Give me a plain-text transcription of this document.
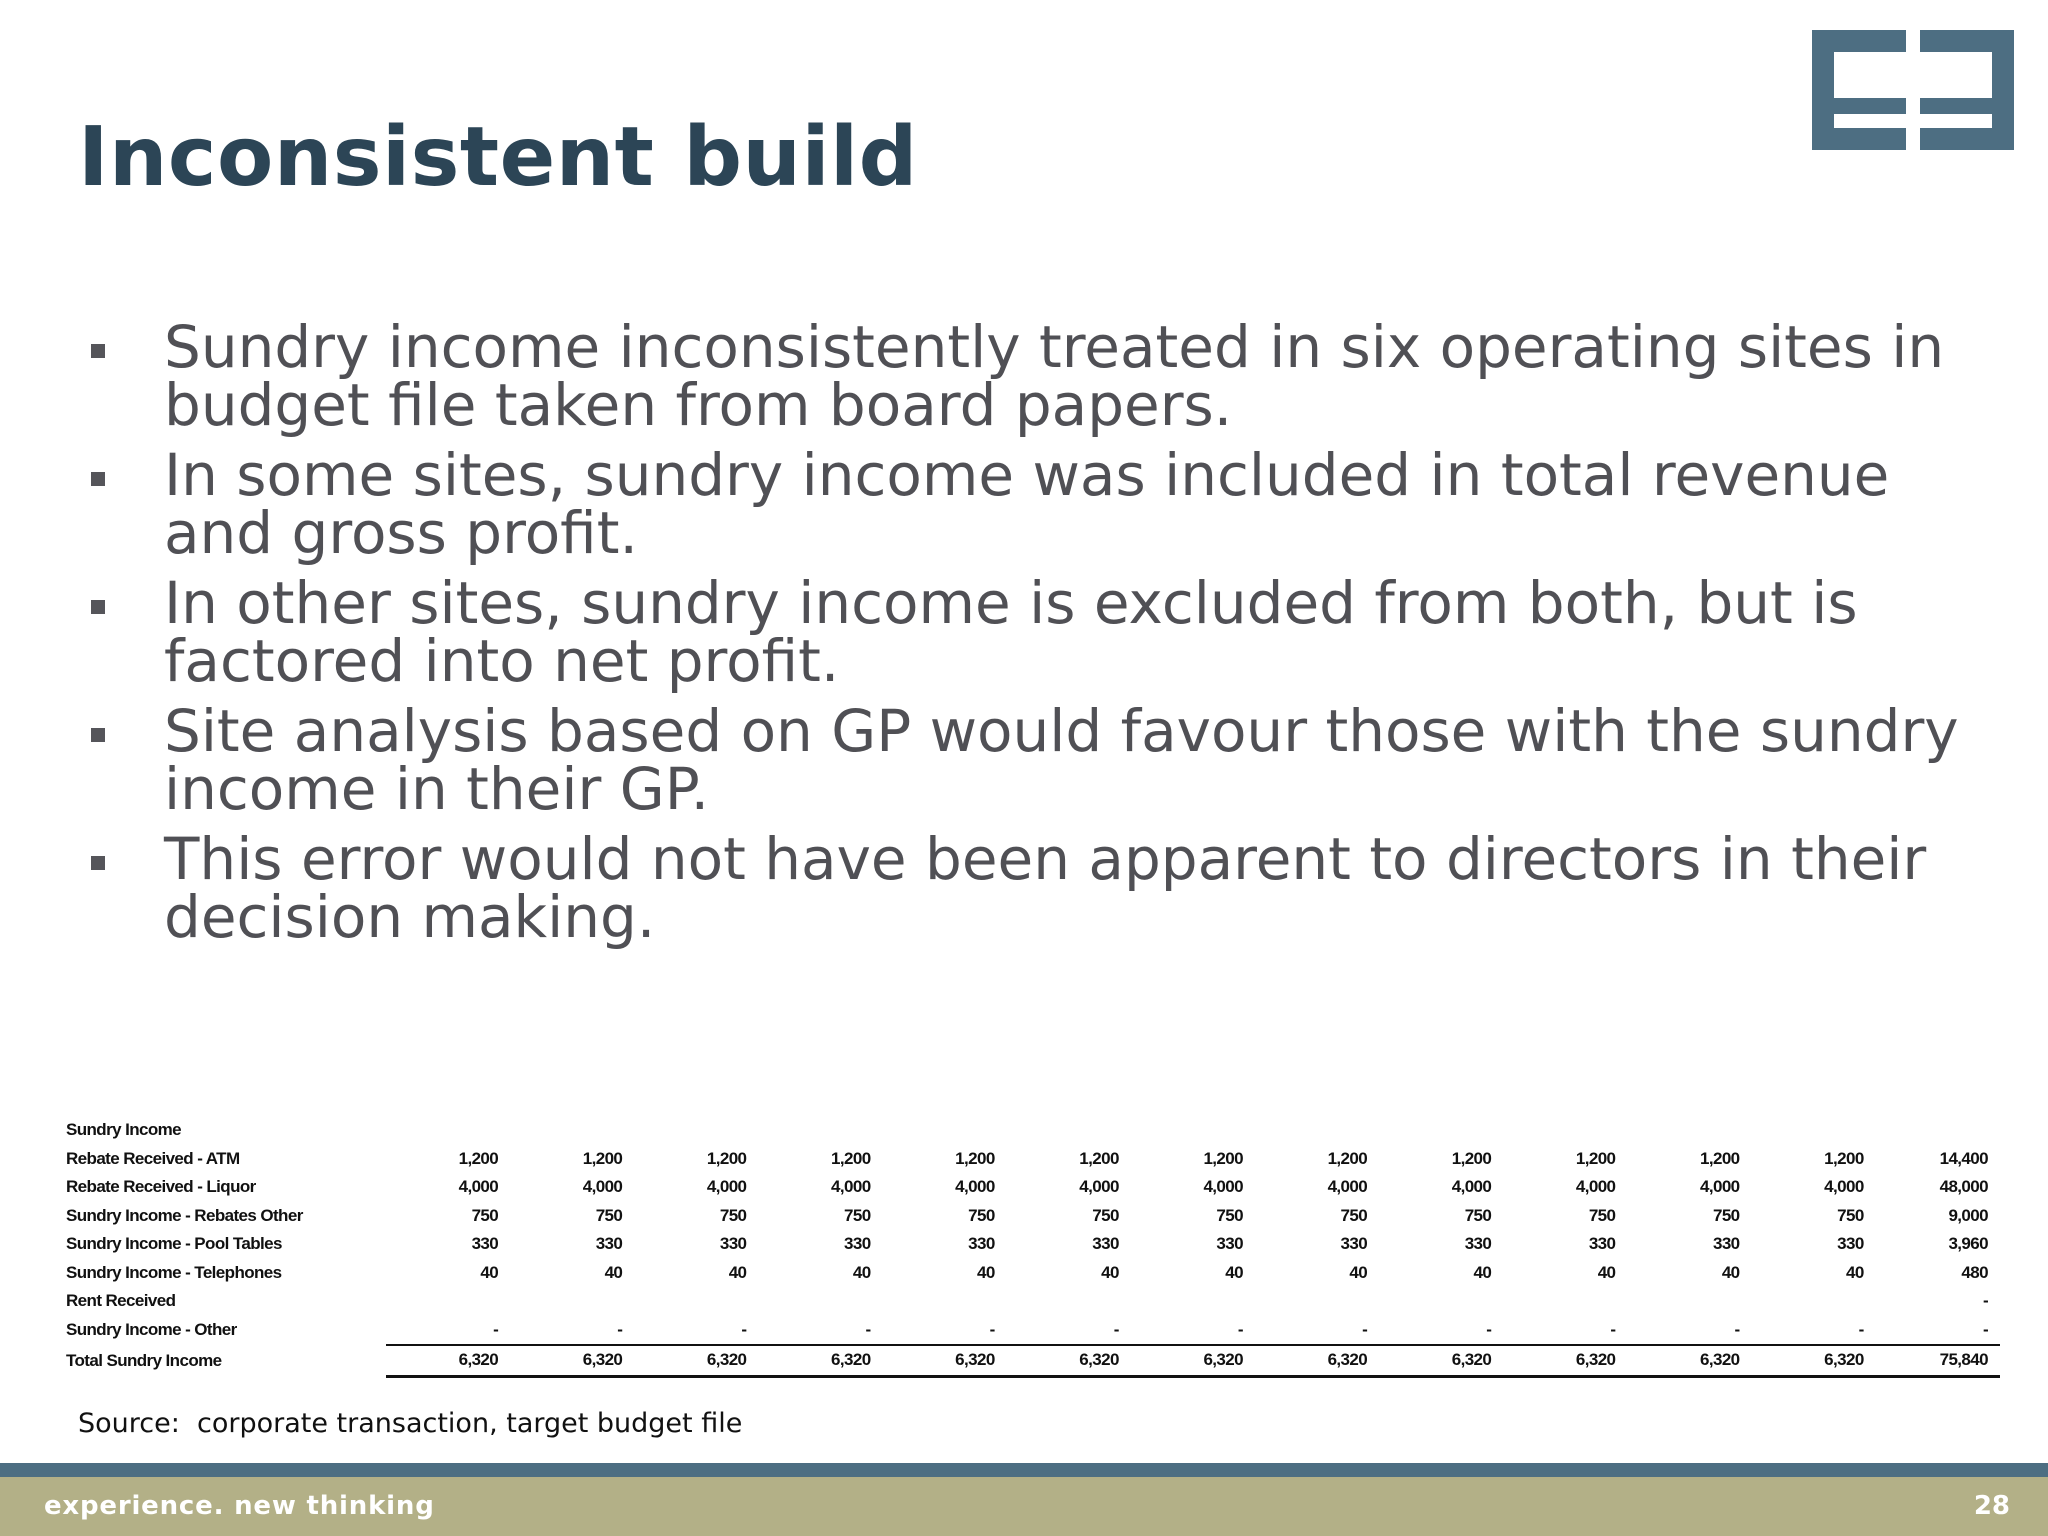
Inconsistent build
Sundry income inconsistently treated in six operating sites in budget file taken from board papers.
In some sites, sundry income was included in total revenue and gross profit.
In other sites, sundry income is excluded from both, but is factored into net profit.
Site analysis based on GP would favour those with the sundry income in their GP.
This error would not have been apparent to directors in their decision making.
Sundry Income													
Rebate Received - ATM	1,200	1,200	1,200	1,200	1,200	1,200	1,200	1,200	1,200	1,200	1,200	1,200	14,400
Rebate Received - Liquor	4,000	4,000	4,000	4,000	4,000	4,000	4,000	4,000	4,000	4,000	4,000	4,000	48,000
Sundry Income - Rebates Other	750	750	750	750	750	750	750	750	750	750	750	750	9,000
Sundry Income - Pool Tables	330	330	330	330	330	330	330	330	330	330	330	330	3,960
Sundry Income - Telephones	40	40	40	40	40	40	40	40	40	40	40	40	480
Rent Received													-
Sundry Income - Other	-	-	-	-	-	-	-	-	-	-	-	-	-
Total Sundry Income	6,320	6,320	6,320	6,320	6,320	6,320	6,320	6,320	6,320	6,320	6,320	6,320	75,840
Source:  corporate transaction, target budget file
experience. new thinking	28
